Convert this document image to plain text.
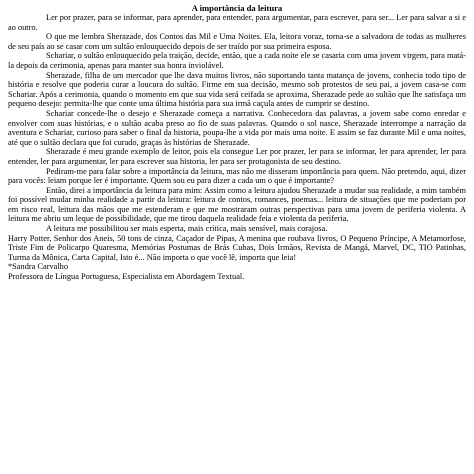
A importância da leitura

Ler por prazer, para se informar, para aprender, para entender, para argumentar, para escrever, para ser... Ler para salvar a si e ao outro.

O que me lembra Sherazade, dos Contos das Mil e Uma Noites. Ela, leitora voraz, torna-se a salvadora de todas as mulheres de seu país ao se casar com um sultão enlouquecido depois de ser traído por sua primeira esposa.

Schariar, o sultão enlouquecido pela traição, decide, então, que a cada noite ele se casaria com uma jovem virgem, para matá-la depois da cerimonia, apenas para manter sua honra inviolável.

Sherazade, filha de um mercador que lhe dava muitos livros, não suportando tanta matança de jovens, conhecia todo tipo de história e resolve que poderia curar a loucura do sultão. Firme em sua decisão, mesmo sob protestos de seu pai, a jovem casa-se com Schariar. Após a cerimonia, quando o momento em que sua vida será ceifada se aproxima, Sherazade pede ao sultão que lhe satisfaça um pequeno desejo: permita-lhe que conte uma última história para sua irmã caçula antes de cumprir se destino.

Schariar concede-lhe o desejo e Sherazade começa a narrativa. Conhecedora das palavras, a jovem sabe como enredar e envolver com suas histórias, e o sultão acaba preso ao fio de suas palavras. Quando o sol nasce, Sherazade interrompe a narração da aventura e Schariar, curioso para saber o final da historia, poupa-lhe a vida por mais uma noite. E assim se faz durante Mil e uma noites, até que o sultão declara que foi curado, graças às histórias de Sherazade.

Sherazade é meu grande exemplo de leitor, pois ela consegue Ler por prazer, ler para se informar, ler para aprender, ler para entender, ler para argumentar, ler para escrever sua historia, ler para ser protagonista de seu destino.

Pediram-me para falar sobre a importância da leitura, mas não me disseram importância para quem. Não pretendo, aqui, dizer para vocês: leiam porque ler é importante. Quem sou eu para dizer a cada um o que é importante?

Então, direi a importância da leitura para mim: Assim como a leitura ajudou Sherazade a mudar sua realidade, a mim também foi possível mudar minha realidade a partir da leitura: leitura de contos, romances, poemas... leitura de situações que me poderiam por em risco real, leitura das mãos que me estenderam e que me mostraram outras perspectivas para uma jovem de periferia violenta. A leitura me abriu um leque de possibilidade, que me tirou daquela realidade feia e violenta da periferia.

A leitura me possibilitou ser mais esperta, mais crítica, mais sensível, mais corajosa.

Harry Potter, Senhor dos Aneis, 50 tons de cinza, Caçador de Pipas, A menina que roubava livros, O Pequeno Príncipe, A Metamorfose, Triste Fim de Policarpo Quaresma, Memórias Postumas de Brás Cubas, Dois Irmãos, Revista de Mangá, Marvel, DC, TIO Patinhas, Turma da Mônica, Carta Capital, Isto é... Não importa o que você lê, importa que leia!

*Sandra Carvalho

Professora de Língua Portuguesa, Especialista em Abordagem Textual.
